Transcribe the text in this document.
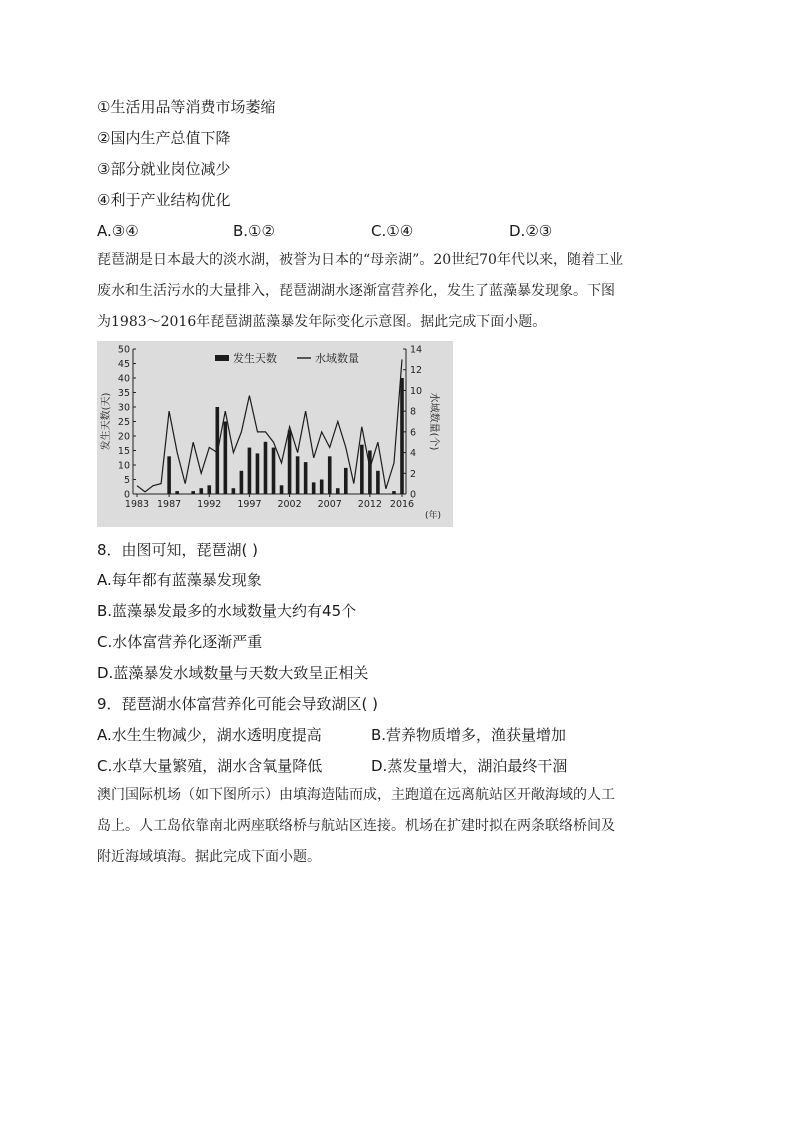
①生活用品等消费市场萎缩
②国内生产总值下降
③部分就业岗位减少
④利于产业结构优化
A.③④	B.①②	C.①④	D.②③
琵琶湖是日本最大的淡水湖，被誉为日本的“母亲湖”。20世纪70年代以来，随着工业
废水和生活污水的大量排入，琵琶湖湖水逐渐富营养化，发生了蓝藻暴发现象。下图
为1983～2016年琵琶湖蓝藻暴发年际变化示意图。据此完成下面小题。
0
5
10
15
20
25
30
35
40
45
50
0
2
4
6
8
10
12
14
1983 1987 1992 1997 2002 2007 2012 2016
(年)
发生天数(天)	水域数量(个)
发生天数	水域数量
8．由图可知，琵琶湖( )
A.每年都有蓝藻暴发现象
B.蓝藻暴发最多的水域数量大约有45个
C.水体富营养化逐渐严重
D.蓝藻暴发水域数量与天数大致呈正相关
9．琵琶湖水体富营养化可能会导致湖区( )
A.水生生物减少，湖水透明度提高	B.营养物质增多，渔获量增加
C.水草大量繁殖，湖水含氧量降低	D.蒸发量增大，湖泊最终干涸
澳门国际机场（如下图所示）由填海造陆而成，主跑道在远离航站区开敞海域的人工
岛上。人工岛依靠南北两座联络桥与航站区连接。机场在扩建时拟在两条联络桥间及
附近海域填海。据此完成下面小题。
